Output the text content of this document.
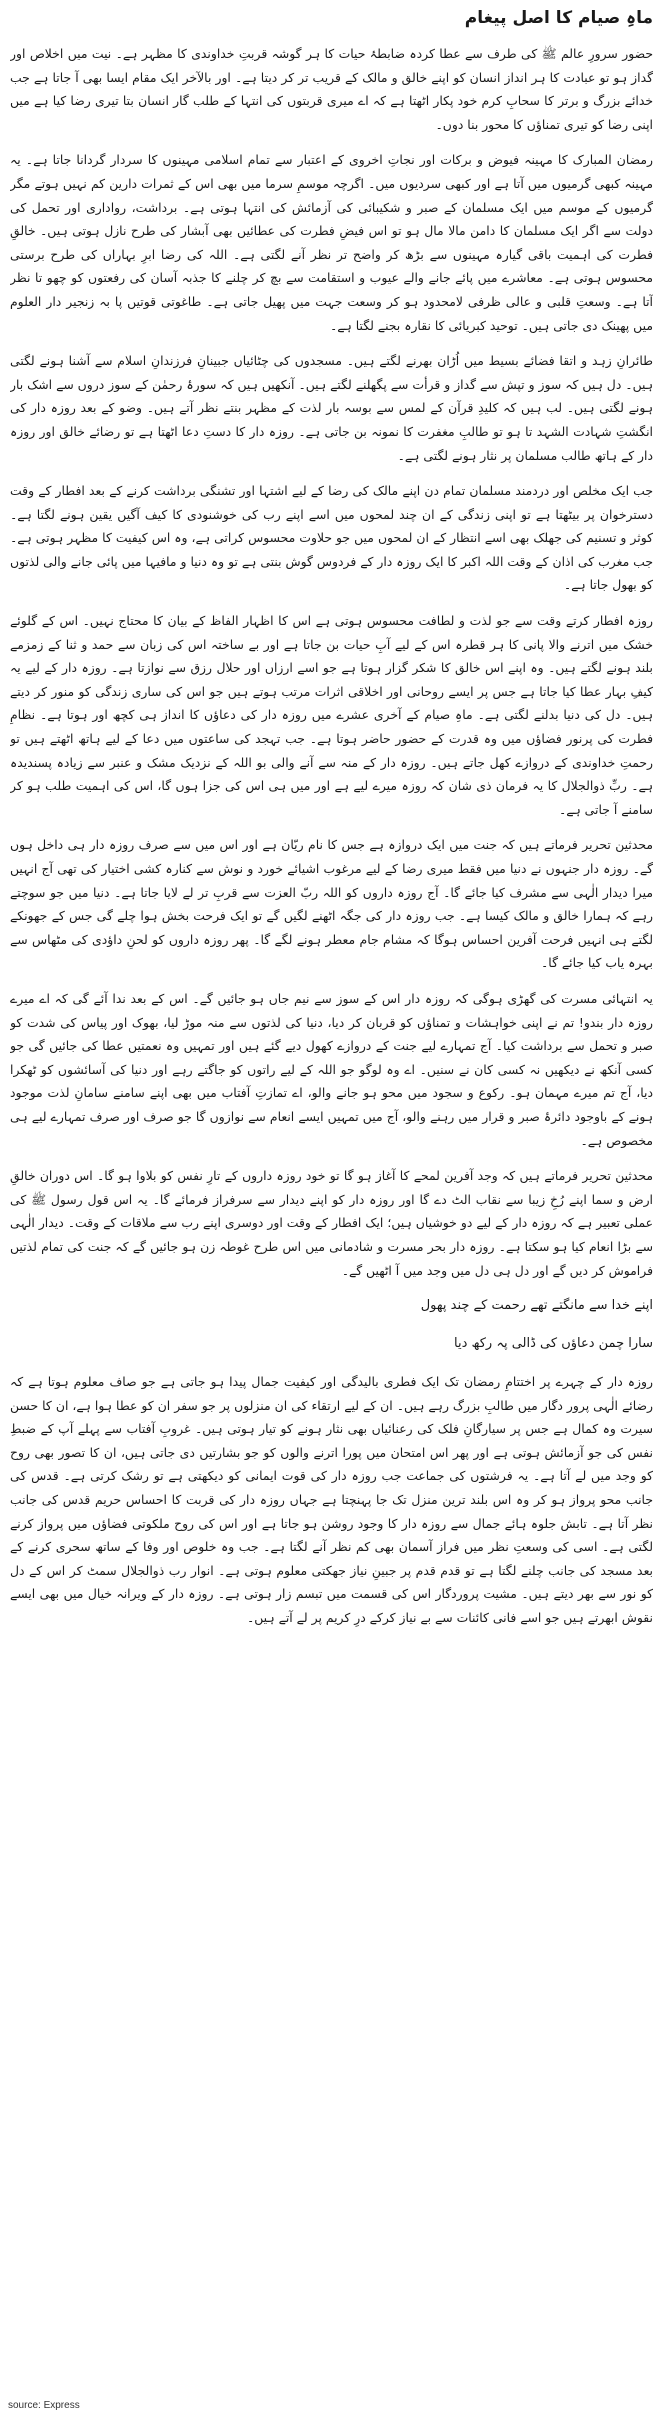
ماہِ صیام کا اصل پیغام

حضور سرورِ عالم ﷺ کی طرف سے عطا کردہ ضابطۂ حیات کا ہر گوشہ قربتِ خداوندی کا مظہر ہے۔ نیت میں اخلاص اور گداز ہو تو عبادت کا ہر انداز انسان کو اپنے خالق و مالک کے قریب تر کر دیتا ہے۔ اور بالآخر ایک مقام ایسا بھی آ جاتا ہے جب خدائے بزرگ و برتر کا سحابِ کرم خود پکار اٹھتا ہے کہ اے میری قربتوں کی انتہا کے طلب گار انسان بتا تیری رضا کیا ہے میں اپنی رضا کو تیری تمناؤں کا محور بنا دوں۔

رمضان المبارک کا مہینہ فیوض و برکات اور نجاتِ اخروی کے اعتبار سے تمام اسلامی مہینوں کا سردار گردانا جاتا ہے۔ یہ مہینہ کبھی گرمیوں میں آتا ہے اور کبھی سردیوں میں۔ اگرچہ موسمِ سرما میں بھی اس کے ثمرات دارین کم نہیں ہوتے مگر گرمیوں کے موسم میں ایک مسلمان کے صبر و شکیبائی کی آزمائش کی انتہا ہوتی ہے۔ برداشت، رواداری اور تحمل کی دولت سے اگر ایک مسلمان کا دامن مالا مال ہو تو اس فیضِ فطرت کی عطائیں بھی آبشار کی طرح نازل ہوتی ہیں۔ خالقِ فطرت کی اہمیت باقی گیارہ مہینوں سے بڑھ کر واضح تر نظر آنے لگتی ہے۔ اللہ کی رضا ابرِ بہاراں کی طرح برستی محسوس ہوتی ہے۔ معاشرے میں پائے جانے والے عیوب و استقامت سے بچ کر چلنے کا جذبہ آسان کی رفعتوں کو چھو تا نظر آتا ہے۔ وسعتِ قلبی و عالی ظرفی لامحدود ہو کر وسعت جہت میں پھیل جاتی ہے۔ طاغوتی قوتیں پا بہ زنجیر دار العلوم میں پھینک دی جاتی ہیں۔ توحید کبریائی کا نقارہ بجنے لگتا ہے۔

طائرانِ زہد و اتقا فضائے بسیط میں اُڑان بھرنے لگتے ہیں۔ مسجدوں کی چٹائیاں جبینانِ فرزندانِ اسلام سے آشنا ہونے لگتی ہیں۔ دل ہیں کہ سوز و تپش سے گداز و قرأت سے پگھلنے لگتے ہیں۔ آنکھیں ہیں کہ سورۂ رحمٰن کے سوز دروں سے اشک بار ہونے لگتی ہیں۔ لب ہیں کہ کلیدِ قرآن کے لمس سے بوسہ بار لذت کے مظہر بنتے نظر آتے ہیں۔ وضو کے بعد روزہ دار کی انگشتِ شہادت الشہد تا ہو تو طالبِ مغفرت کا نمونہ بن جاتی ہے۔ روزہ دار کا دستِ دعا اٹھتا ہے تو رضائے خالق اور روزہ دار کے ہاتھ طالب مسلمان پر نثار ہونے لگتی ہے۔

جب ایک مخلص اور دردمند مسلمان تمام دن اپنے مالک کی رضا کے لیے اشتہا اور تشنگی برداشت کرنے کے بعد افطار کے وقت دسترخوان پر بیٹھتا ہے تو اپنی زندگی کے ان چند لمحوں میں اسے اپنے رب کی خوشنودی کا کیف آگیں یقین ہونے لگتا ہے۔ کوثر و تسنیم کی جھلک بھی اسے انتظار کے ان لمحوں میں جو حلاوت محسوس کراتی ہے، وہ اس کیفیت کا مظہر ہوتی ہے۔ جب مغرب کی اذان کے وقت اللہ اکبر کا ایک روزہ دار کے فردوس گوش بنتی ہے تو وہ دنیا و مافیہا میں پائی جانے والی لذتوں کو بھول جاتا ہے۔

روزہ افطار کرتے وقت سے جو لذت و لطافت محسوس ہوتی ہے اس کا اظہار الفاظ کے بیان کا محتاج نہیں۔ اس کے گلوئے خشک میں اترنے والا پانی کا ہر قطرہ اس کے لیے آبِ حیات بن جاتا ہے اور بے ساختہ اس کی زبان سے حمد و ثنا کے زمزمے بلند ہونے لگتے ہیں۔ وہ اپنے اس خالق کا شکر گزار ہوتا ہے جو اسے ارزاں اور حلال رزق سے نوازتا ہے۔ روزہ دار کے لیے یہ کیفِ بہار عطا کیا جاتا ہے جس پر ایسے روحانی اور اخلاقی اثرات مرتب ہوتے ہیں جو اس کی ساری زندگی کو منور کر دیتے ہیں۔ دل کی دنیا بدلنے لگتی ہے۔ ماہِ صیام کے آخری عشرے میں روزہ دار کی دعاؤں کا انداز ہی کچھ اور ہوتا ہے۔ نظامِ فطرت کی پرنور فضاؤں میں وہ قدرت کے حضور حاضر ہوتا ہے۔ جب تہجد کی ساعتوں میں دعا کے لیے ہاتھ اٹھتے ہیں تو رحمتِ خداوندی کے دروازے کھل جاتے ہیں۔ روزہ دار کے منہ سے آنے والی بو اللہ کے نزدیک مشک و عنبر سے زیادہ پسندیدہ ہے۔ ربِّ ذوالجلال کا یہ فرمان ذی شان کہ روزہ میرے لیے ہے اور میں ہی اس کی جزا ہوں گا، اس کی اہمیت طلب ہو کر سامنے آ جاتی ہے۔

محدثین تحریر فرماتے ہیں کہ جنت میں ایک دروازہ ہے جس کا نام ریّان ہے اور اس میں سے صرف روزہ دار ہی داخل ہوں گے۔ روزہ دار جنہوں نے دنیا میں فقط میری رضا کے لیے مرغوب اشیائے خورد و نوش سے کنارہ کشی اختیار کی تھی آج انہیں میرا دیدار الٰہی سے مشرف کیا جائے گا۔ آج روزہ داروں کو اللہ ربّ العزت سے قربِ تر لے لایا جاتا ہے۔ دنیا میں جو سوچتے رہے کہ ہمارا خالق و مالک کیسا ہے۔ جب روزہ دار کی جگہ اٹھنے لگیں گے تو ایک فرحت بخش ہوا چلے گی جس کے جھونکے لگتے ہی انہیں فرحت آفرین احساس ہوگا کہ مشام جام معطر ہونے لگے گا۔ پھر روزہ داروں کو لحنِ داؤدی کی مٹھاس سے بہرہ یاب کیا جائے گا۔

یہ انتہائی مسرت کی گھڑی ہوگی کہ روزہ دار اس کے سوز سے نیم جاں ہو جائیں گے۔ اس کے بعد ندا آئے گی کہ اے میرے روزہ دار بندو! تم نے اپنی خواہشات و تمناؤں کو قربان کر دیا، دنیا کی لذتوں سے منہ موڑ لیا، بھوک اور پیاس کی شدت کو صبر و تحمل سے برداشت کیا۔ آج تمہارے لیے جنت کے دروازے کھول دیے گئے ہیں اور تمہیں وہ نعمتیں عطا کی جائیں گی جو کسی آنکھ نے دیکھیں نہ کسی کان نے سنیں۔ اے وہ لوگو جو اللہ کے لیے راتوں کو جاگتے رہے اور دنیا کی آسائشوں کو ٹھکرا دیا، آج تم میرے مہمان ہو۔ رکوع و سجود میں محو ہو جانے والو، اے تمازتِ آفتاب میں بھی اپنے سامنے سامانِ لذت موجود ہونے کے باوجود دائرۂ صبر و قرار میں رہنے والو، آج میں تمہیں ایسے انعام سے نوازوں گا جو صرف اور صرف تمہارے لیے ہی مخصوص ہے۔

محدثین تحریر فرماتے ہیں کہ وجد آفرین لمحے کا آغاز ہو گا تو خود روزہ داروں کے تارِ نفس کو بلاوا ہو گا۔ اس دوران خالقِ ارض و سما اپنے رُخِ زیبا سے نقاب الٹ دے گا اور روزہ دار کو اپنے دیدار سے سرفراز فرمائے گا۔ یہ اس قول رسول ﷺ کی عملی تعبیر ہے کہ روزہ دار کے لیے دو خوشیاں ہیں؛ ایک افطار کے وقت اور دوسری اپنے رب سے ملاقات کے وقت۔ دیدار الٰہی سے بڑا انعام کیا ہو سکتا ہے۔ روزہ دار بحر مسرت و شادمانی میں اس طرح غوطہ زن ہو جائیں گے کہ جنت کی تمام لذتیں فراموش کر دیں گے اور دل ہی دل میں وجد میں آ اٹھیں گے۔

اپنے خدا سے مانگتے تھے رحمت کے چند پھول
سارا چمن دعاؤں کی ڈالی پہ رکھ دیا

روزہ دار کے چہرے پر اختتامِ رمضان تک ایک فطری بالیدگی اور کیفیت جمال پیدا ہو جاتی ہے جو صاف معلوم ہوتا ہے کہ رضائے الٰہی پرور دگار میں طالبِ بزرگ رہے ہیں۔ ان کے لیے ارتقاء کی ان منزلوں پر جو سفر ان کو عطا ہوا ہے، ان کا حسن سیرت وہ کمال ہے جس پر سیارگانِ فلک کی رعنائیاں بھی نثار ہونے کو تیار ہوتی ہیں۔ غروبِ آفتاب سے پہلے آپ کے ضبطِ نفس کی جو آزمائش ہوتی ہے اور پھر اس امتحان میں پورا اترنے والوں کو جو بشارتیں دی جاتی ہیں، ان کا تصور بھی روح کو وجد میں لے آتا ہے۔ یہ فرشتوں کی جماعت جب روزہ دار کی قوت ایمانی کو دیکھتی ہے تو رشک کرتی ہے۔ قدس کی جانب محو پرواز ہو کر وہ اس بلند ترین منزل تک جا پہنچتا ہے جہاں روزہ دار کی قربت کا احساس حریم قدس کی جانب نظر آتا ہے۔ تابش جلوہ ہائے جمال سے روزہ دار کا وجود روشن ہو جاتا ہے اور اس کی روح ملکوتی فضاؤں میں پرواز کرنے لگتی ہے۔ اسی کی وسعتِ نظر میں فراز آسمان بھی کم نظر آنے لگتا ہے۔ جب وہ خلوص اور وفا کے ساتھ سحری کرنے کے بعد مسجد کی جانب چلنے لگتا ہے تو قدم قدم پر جبینِ نیاز جھکتی معلوم ہوتی ہے۔ انوار رب ذوالجلال سمٹ کر اس کے دل کو نور سے بھر دیتے ہیں۔ مشیت پروردگار اس کی قسمت میں تبسم زار ہوتی ہے۔ روزہ دار کے ویرانہ خیال میں بھی ایسے نقوش ابھرتے ہیں جو اسے فانی کائنات سے بے نیاز کرکے درِ کریم پر لے آتے ہیں۔

source: Express
